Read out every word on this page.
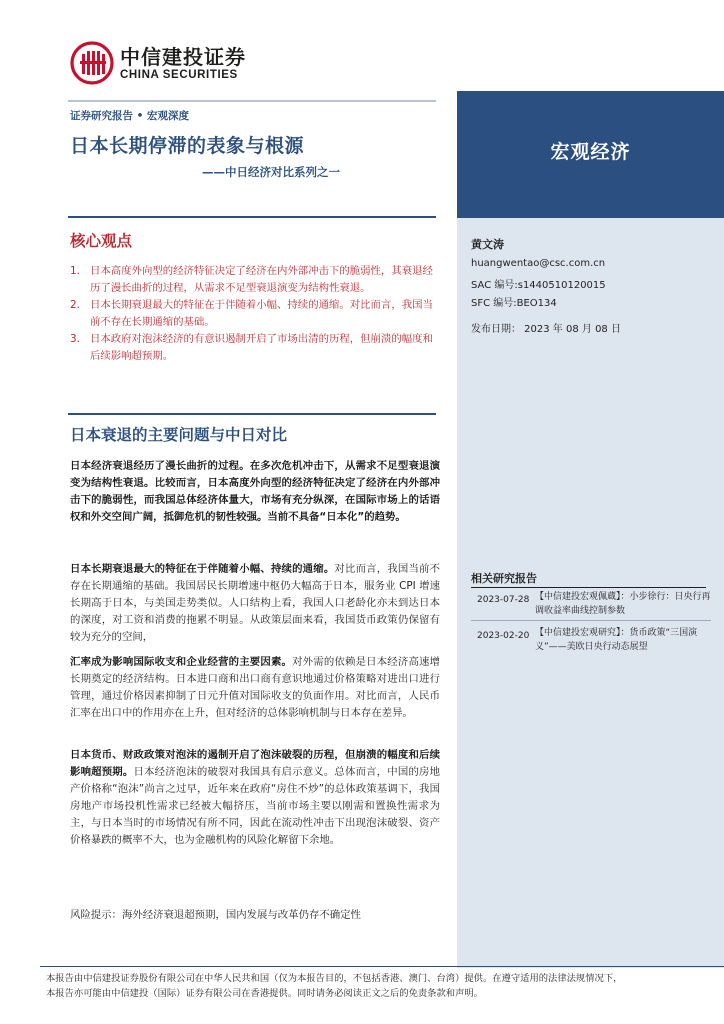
中信建投证券
CHINA SECURITIES
宏观经济
证券研究报告 • 宏观深度
日本长期停滞的表象与根源
——中日经济对比系列之一
核心观点
1. 日本高度外向型的经济特征决定了经济在内外部冲击下的脆弱性，其衰退经历了漫长曲折的过程，从需求不足型衰退演变为结构性衰退。
2. 日本长期衰退最大的特征在于伴随着小幅、持续的通缩。对比而言，我国当前不存在长期通缩的基础。
3. 日本政府对泡沫经济的有意识遏制开启了市场出清的历程，但崩溃的幅度和后续影响超预期。
日本衰退的主要问题与中日对比
日本经济衰退经历了漫长曲折的过程。在多次危机冲击下，从需求不足型衰退演变为结构性衰退。比较而言，日本高度外向型的经济特征决定了经济在内外部冲击下的脆弱性，而我国总体经济体量大，市场有充分纵深，在国际市场上的话语权和外交空间广阔，抵御危机的韧性较强。当前不具备“日本化”的趋势。
日本长期衰退最大的特征在于伴随着小幅、持续的通缩。对比而言，我国当前不存在长期通缩的基础。我国居民长期增速中枢仍大幅高于日本，服务业 CPI 增速长期高于日本，与美国走势类似。人口结构上看，我国人口老龄化亦未到达日本的深度，对工资和消费的拖累不明显。从政策层面来看，我国货币政策仍保留有较为充分的空间，
汇率成为影响国际收支和企业经营的主要因素。对外需的依赖是日本经济高速增长期奠定的经济结构。日本进口商和出口商有意识地通过价格策略对进出口进行管理，通过价格因素抑制了日元升值对国际收支的负面作用。对比而言，人民币汇率在出口中的作用亦在上升，但对经济的总体影响机制与日本存在差异。
日本货币、财政政策对泡沫的遏制开启了泡沫破裂的历程，但崩溃的幅度和后续影响超预期。日本经济泡沫的破裂对我国具有启示意义。总体而言，中国的房地产价格称“泡沫”尚言之过早，近年来在政府“房住不炒”的总体政策基调下，我国房地产市场投机性需求已经被大幅挤压，当前市场主要以刚需和置换性需求为主，与日本当时的市场情况有所不同，因此在流动性冲击下出现泡沫破裂、资产价格暴跌的概率不大，也为金融机构的风险化解留下余地。
风险提示：海外经济衰退超预期，国内发展与改革仍存不确定性
黄文涛
huangwentao@csc.com.cn
SAC 编号:s1440510120015
SFC 编号:BEO134
发布日期： 2023 年 08 月 08 日
相关研究报告
2023-07-28 【中信建投宏观佩蔵】：小步徐行：日央行再调收益率曲线控制参数
2023-02-20 【中信建投宏观研究】：货币政策“三国演义”——美欧日央行动态展望
本报告由中信建投证券股份有限公司在中华人民共和国（仅为本报告目的，不包括香港、澳门、台湾）提供。在遵守适用的法律法规情况下，
本报告亦可能由中信建投（国际）证券有限公司在香港提供。同时请务必阅读正文之后的免责条款和声明。
